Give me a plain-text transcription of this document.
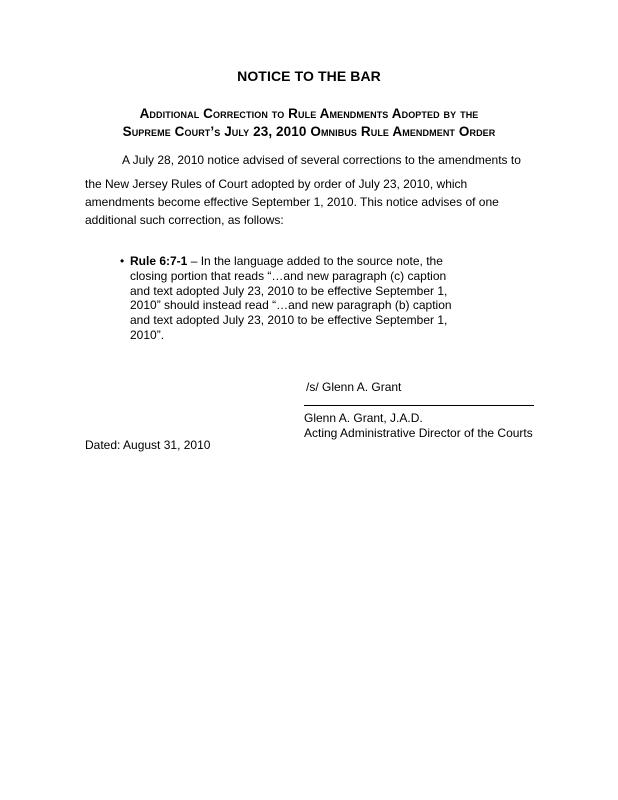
NOTICE TO THE BAR
Additional Correction to Rule Amendments Adopted by the
Supreme Court’s July 23, 2010 Omnibus Rule Amendment Order
A July 28, 2010 notice advised of several corrections to the amendments to
the New Jersey Rules of Court adopted by order of July 23, 2010, which
amendments become effective September 1, 2010. This notice advises of one
additional such correction, as follows:
• Rule 6:7-1 – In the language added to the source note, the
closing portion that reads “…and new paragraph (c) caption
and text adopted July 23, 2010 to be effective September 1,
2010” should instead read “…and new paragraph (b) caption
and text adopted July 23, 2010 to be effective September 1,
2010”.
/s/ Glenn A. Grant
Glenn A. Grant, J.A.D.
Acting Administrative Director of the Courts
Dated: August 31, 2010
